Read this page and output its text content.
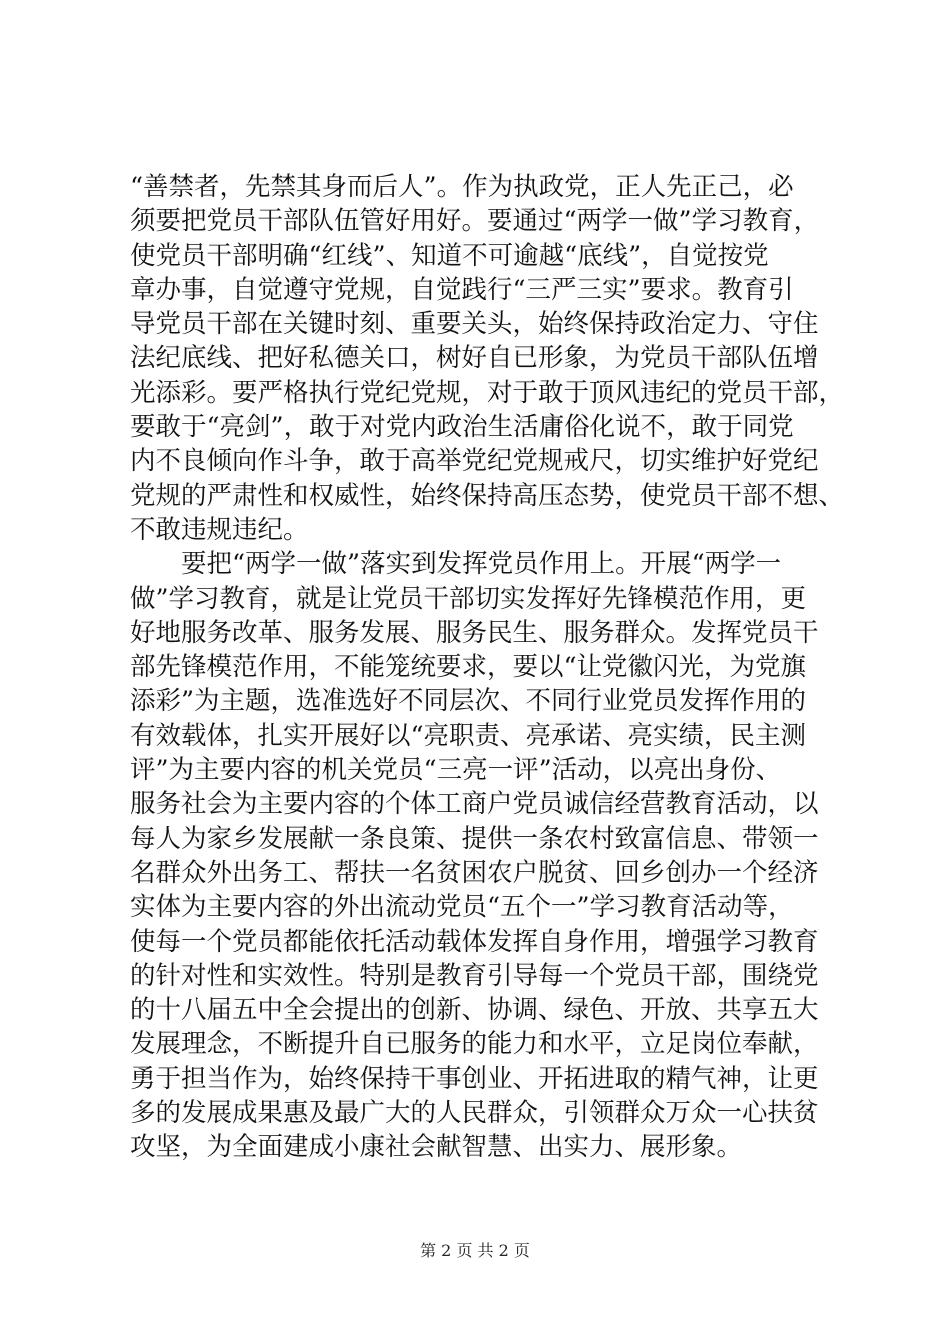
“善禁者，先禁其身而后人”。作为执政党，正人先正己，必
须要把党员干部队伍管好用好。要通过“两学一做”学习教育，
使党员干部明确“红线”、知道不可逾越“底线”，自觉按党
章办事，自觉遵守党规，自觉践行“三严三实”要求。教育引
导党员干部在关键时刻、重要关头，始终保持政治定力、守住
法纪底线、把好私德关口，树好自已形象，为党员干部队伍增
光添彩。要严格执行党纪党规，对于敢于顶风违纪的党员干部，
要敢于“亮剑”，敢于对党内政治生活庸俗化说不，敢于同党
内不良倾向作斗争，敢于高举党纪党规戒尺，切实维护好党纪
党规的严肃性和权威性，始终保持高压态势，使党员干部不想、
不敢违规违纪。
　　要把“两学一做”落实到发挥党员作用上。开展“两学一
做”学习教育，就是让党员干部切实发挥好先锋模范作用，更
好地服务改革、服务发展、服务民生、服务群众。发挥党员干
部先锋模范作用，不能笼统要求，要以“让党徽闪光，为党旗
添彩”为主题，选准选好不同层次、不同行业党员发挥作用的
有效载体，扎实开展好以“亮职责、亮承诺、亮实绩，民主测
评”为主要内容的机关党员“三亮一评”活动，以亮出身份、
服务社会为主要内容的个体工商户党员诚信经营教育活动，以
每人为家乡发展献一条良策、提供一条农村致富信息、带领一
名群众外出务工、帮扶一名贫困农户脱贫、回乡创办一个经济
实体为主要内容的外出流动党员“五个一”学习教育活动等，
使每一个党员都能依托活动载体发挥自身作用，增强学习教育
的针对性和实效性。特别是教育引导每一个党员干部，围绕党
的十八届五中全会提出的创新、协调、绿色、开放、共享五大
发展理念，不断提升自已服务的能力和水平，立足岗位奉献，
勇于担当作为，始终保持干事创业、开拓进取的精气神，让更
多的发展成果惠及最广大的人民群众，引领群众万众一心扶贫
攻坚，为全面建成小康社会献智慧、出实力、展形象。
第 2 页 共 2 页
